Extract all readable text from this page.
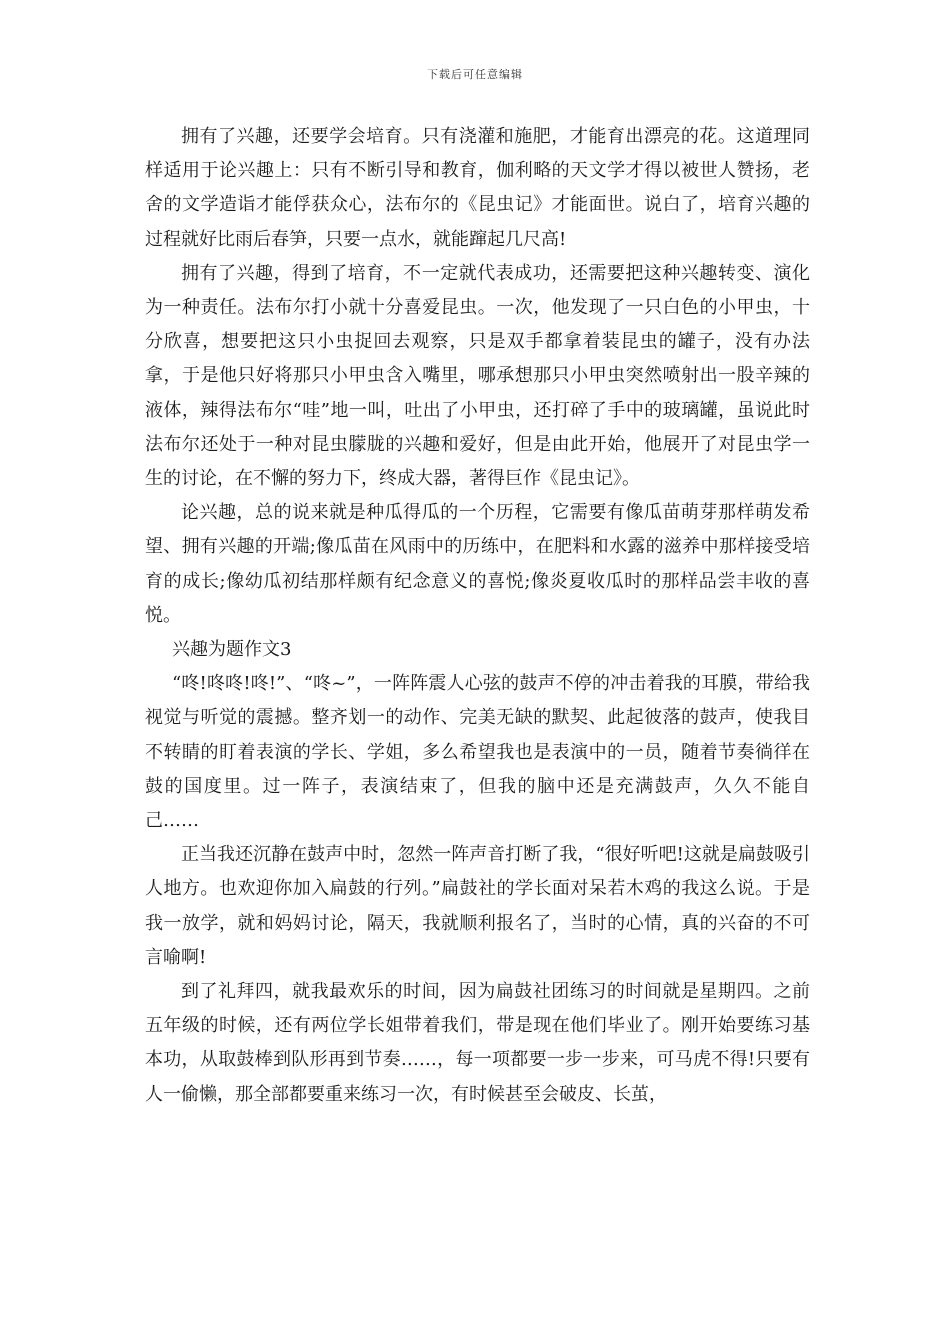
下载后可任意编辑

拥有了兴趣，还要学会培育。只有浇灌和施肥，才能育出漂亮的花。这道理同样适用于论兴趣上：只有不断引导和教育，伽利略的天文学才得以被世人赞扬，老舍的文学造诣才能俘获众心，法布尔的《昆虫记》才能面世。说白了，培育兴趣的过程就好比雨后春笋，只要一点水，就能蹿起几尺高!

拥有了兴趣，得到了培育，不一定就代表成功，还需要把这种兴趣转变、演化为一种责任。法布尔打小就十分喜爱昆虫。一次，他发现了一只白色的小甲虫，十分欣喜，想要把这只小虫捉回去观察，只是双手都拿着装昆虫的罐子，没有办法拿，于是他只好将那只小甲虫含入嘴里，哪承想那只小甲虫突然喷射出一股辛辣的液体，辣得法布尔“哇”地一叫，吐出了小甲虫，还打碎了手中的玻璃罐，虽说此时法布尔还处于一种对昆虫朦胧的兴趣和爱好，但是由此开始，他展开了对昆虫学一生的讨论，在不懈的努力下，终成大器，著得巨作《昆虫记》。

论兴趣，总的说来就是种瓜得瓜的一个历程，它需要有像瓜苗萌芽那样萌发希望、拥有兴趣的开端;像瓜苗在风雨中的历练中，在肥料和水露的滋养中那样接受培育的成长;像幼瓜初结那样颇有纪念意义的喜悦;像炎夏收瓜时的那样品尝丰收的喜悦。

兴趣为题作文3

“咚!咚咚!咚!”、“咚~”，一阵阵震人心弦的鼓声不停的冲击着我的耳膜，带给我视觉与听觉的震撼。整齐划一的动作、完美无缺的默契、此起彼落的鼓声，使我目不转睛的盯着表演的学长、学姐，多么希望我也是表演中的一员，随着节奏徜徉在鼓的国度里。过一阵子，表演结束了，但我的脑中还是充满鼓声，久久不能自己……

正当我还沉静在鼓声中时，忽然一阵声音打断了我，“很好听吧!这就是扁鼓吸引人地方。也欢迎你加入扁鼓的行列。”扁鼓社的学长面对呆若木鸡的我这么说。于是我一放学，就和妈妈讨论，隔天，我就顺利报名了，当时的心情，真的兴奋的不可言喻啊!

到了礼拜四，就我最欢乐的时间，因为扁鼓社团练习的时间就是星期四。之前五年级的时候，还有两位学长姐带着我们，带是现在他们毕业了。刚开始要练习基本功，从取鼓棒到队形再到节奏……，每一项都要一步一步来，可马虎不得!只要有人一偷懒，那全部都要重来练习一次，有时候甚至会破皮、长茧，
